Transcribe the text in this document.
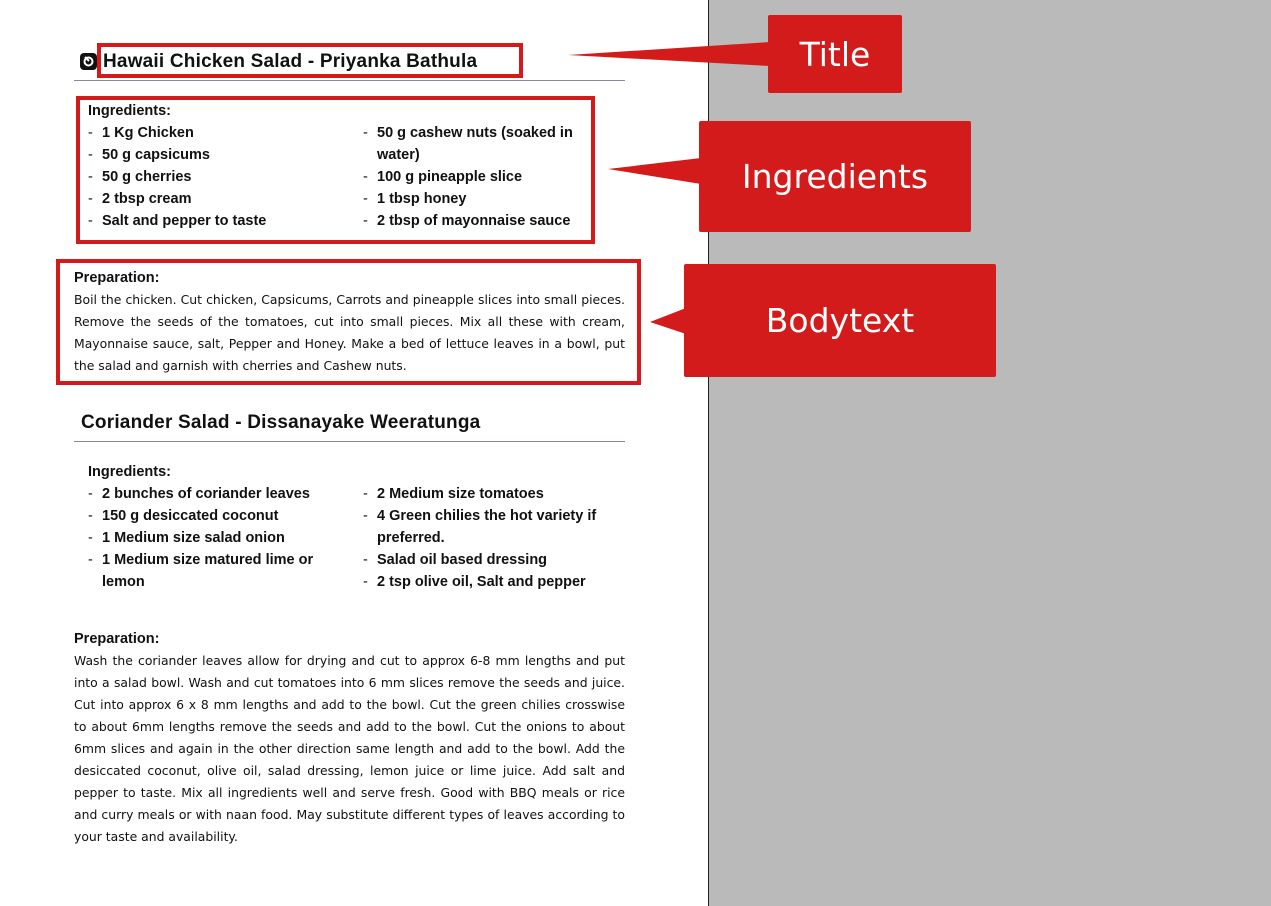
Hawaii Chicken Salad - Priyanka Bathula

Ingredients:

- 1 Kg Chicken
- 50 g capsicums
- 50 g cherries
- 2 tbsp cream
- Salt and pepper to taste
- 50 g cashew nuts (soaked in water)
- 100 g pineapple slice
- 1 tbsp honey
- 2 tbsp of mayonnaise sauce

Preparation:

Boil the chicken. Cut chicken, Capsicums, Carrots and pineapple slices into small pieces. Remove the seeds of the tomatoes, cut into small pieces. Mix all these with cream, Mayonnaise sauce, salt, Pepper and Honey. Make a bed of lettuce leaves in a bowl, put the salad and garnish with cherries and Cashew nuts.

Coriander Salad - Dissanayake Weeratunga

Ingredients:

- 2 bunches of coriander leaves
- 150 g desiccated coconut
- 1 Medium size salad onion
- 1 Medium size matured lime or lemon
- 2 Medium size tomatoes
- 4 Green chilies the hot variety if preferred.
- Salad oil based dressing
- 2 tsp olive oil, Salt and pepper

Preparation:

Wash the coriander leaves allow for drying and cut to approx 6-8 mm lengths and put into a salad bowl. Wash and cut tomatoes into 6 mm slices remove the seeds and juice. Cut into approx 6 x 8 mm lengths and add to the bowl. Cut the green chilies crosswise to about 6mm lengths remove the seeds and add to the bowl. Cut the onions to about 6mm slices and again in the other direction same length and add to the bowl. Add the desiccated coconut, olive oil, salad dressing, lemon juice or lime juice. Add salt and pepper to taste. Mix all ingredients well and serve fresh. Good with BBQ meals or rice and curry meals or with naan food. May substitute different types of leaves according to your taste and availability.

Title
Ingredients
Bodytext
